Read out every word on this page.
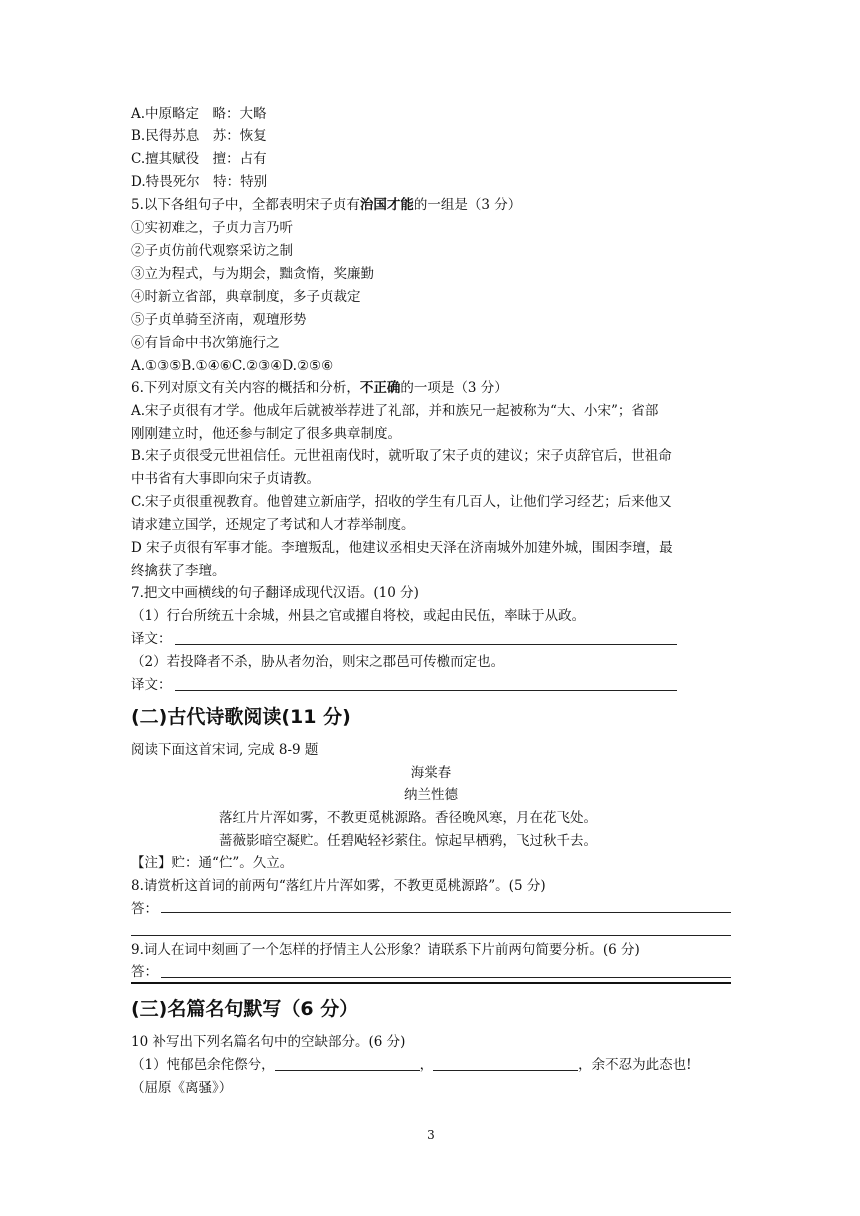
A.中原略定　略：大略
B.民得苏息　苏：恢复
C.擅其赋役　擅：占有
D.特畏死尔　特：特别
5.以下各组句子中，全都表明宋子贞有治国才能的一组是（3 分）
①实初难之，子贞力言乃听
②子贞仿前代观察采访之制
③立为程式，与为期会，黜贪惰，奖廉勤
④时新立省部，典章制度，多子贞裁定
⑤子贞单骑至济南，观璮形势
⑥有旨命中书次第施行之
A.①③⑤B.①④⑥C.②③④D.②⑤⑥
6.下列对原文有关内容的概括和分析，不正确的一项是（3 分）
A.宋子贞很有才学。他成年后就被举荐进了礼部，并和族兄一起被称为“大、小宋”；省部
刚刚建立时，他还参与制定了很多典章制度。
B.宋子贞很受元世祖信任。元世祖南伐时，就听取了宋子贞的建议；宋子贞辞官后，世祖命
中书省有大事即向宋子贞请教。
C.宋子贞很重视教育。他曾建立新庙学，招收的学生有几百人，让他们学习经艺；后来他又
请求建立国学，还规定了考试和人才荐举制度。
D 宋子贞很有军事才能。李璮叛乱，他建议丞相史天泽在济南城外加建外城，围困李璮，最
终擒获了李璮。
7.把文中画横线的句子翻译成现代汉语。(10 分)
（1）行台所统五十余城，州县之官或擢自将校，或起由民伍，率昧于从政。
译文：
（2）若投降者不杀，胁从者勿治，则宋之郡邑可传檄而定也。
译文：
(二)古代诗歌阅读(11 分)
阅读下面这首宋词, 完成 8-9 题
海棠春
纳兰性德
落红片片浑如雾，不教更觅桃源路。香径晚风寒，月在花飞处。
蔷薇影暗空凝贮。任碧飐轻衫萦住。惊起早栖鸦，飞过秋千去。
【注】贮：通“伫”。久立。
8.请赏析这首词的前两句“落红片片浑如雾，不教更觅桃源路”。(5 分)
答：
9.词人在词中刻画了一个怎样的抒情主人公形象？请联系下片前两句简要分析。(6 分)
答：
(三)名篇名句默写（6 分）
10 补写出下列名篇名句中的空缺部分。(6 分)
（1）忳郁邑余侘傺兮，	，	，余不忍为此态也!
（屈原《离骚》）
3
